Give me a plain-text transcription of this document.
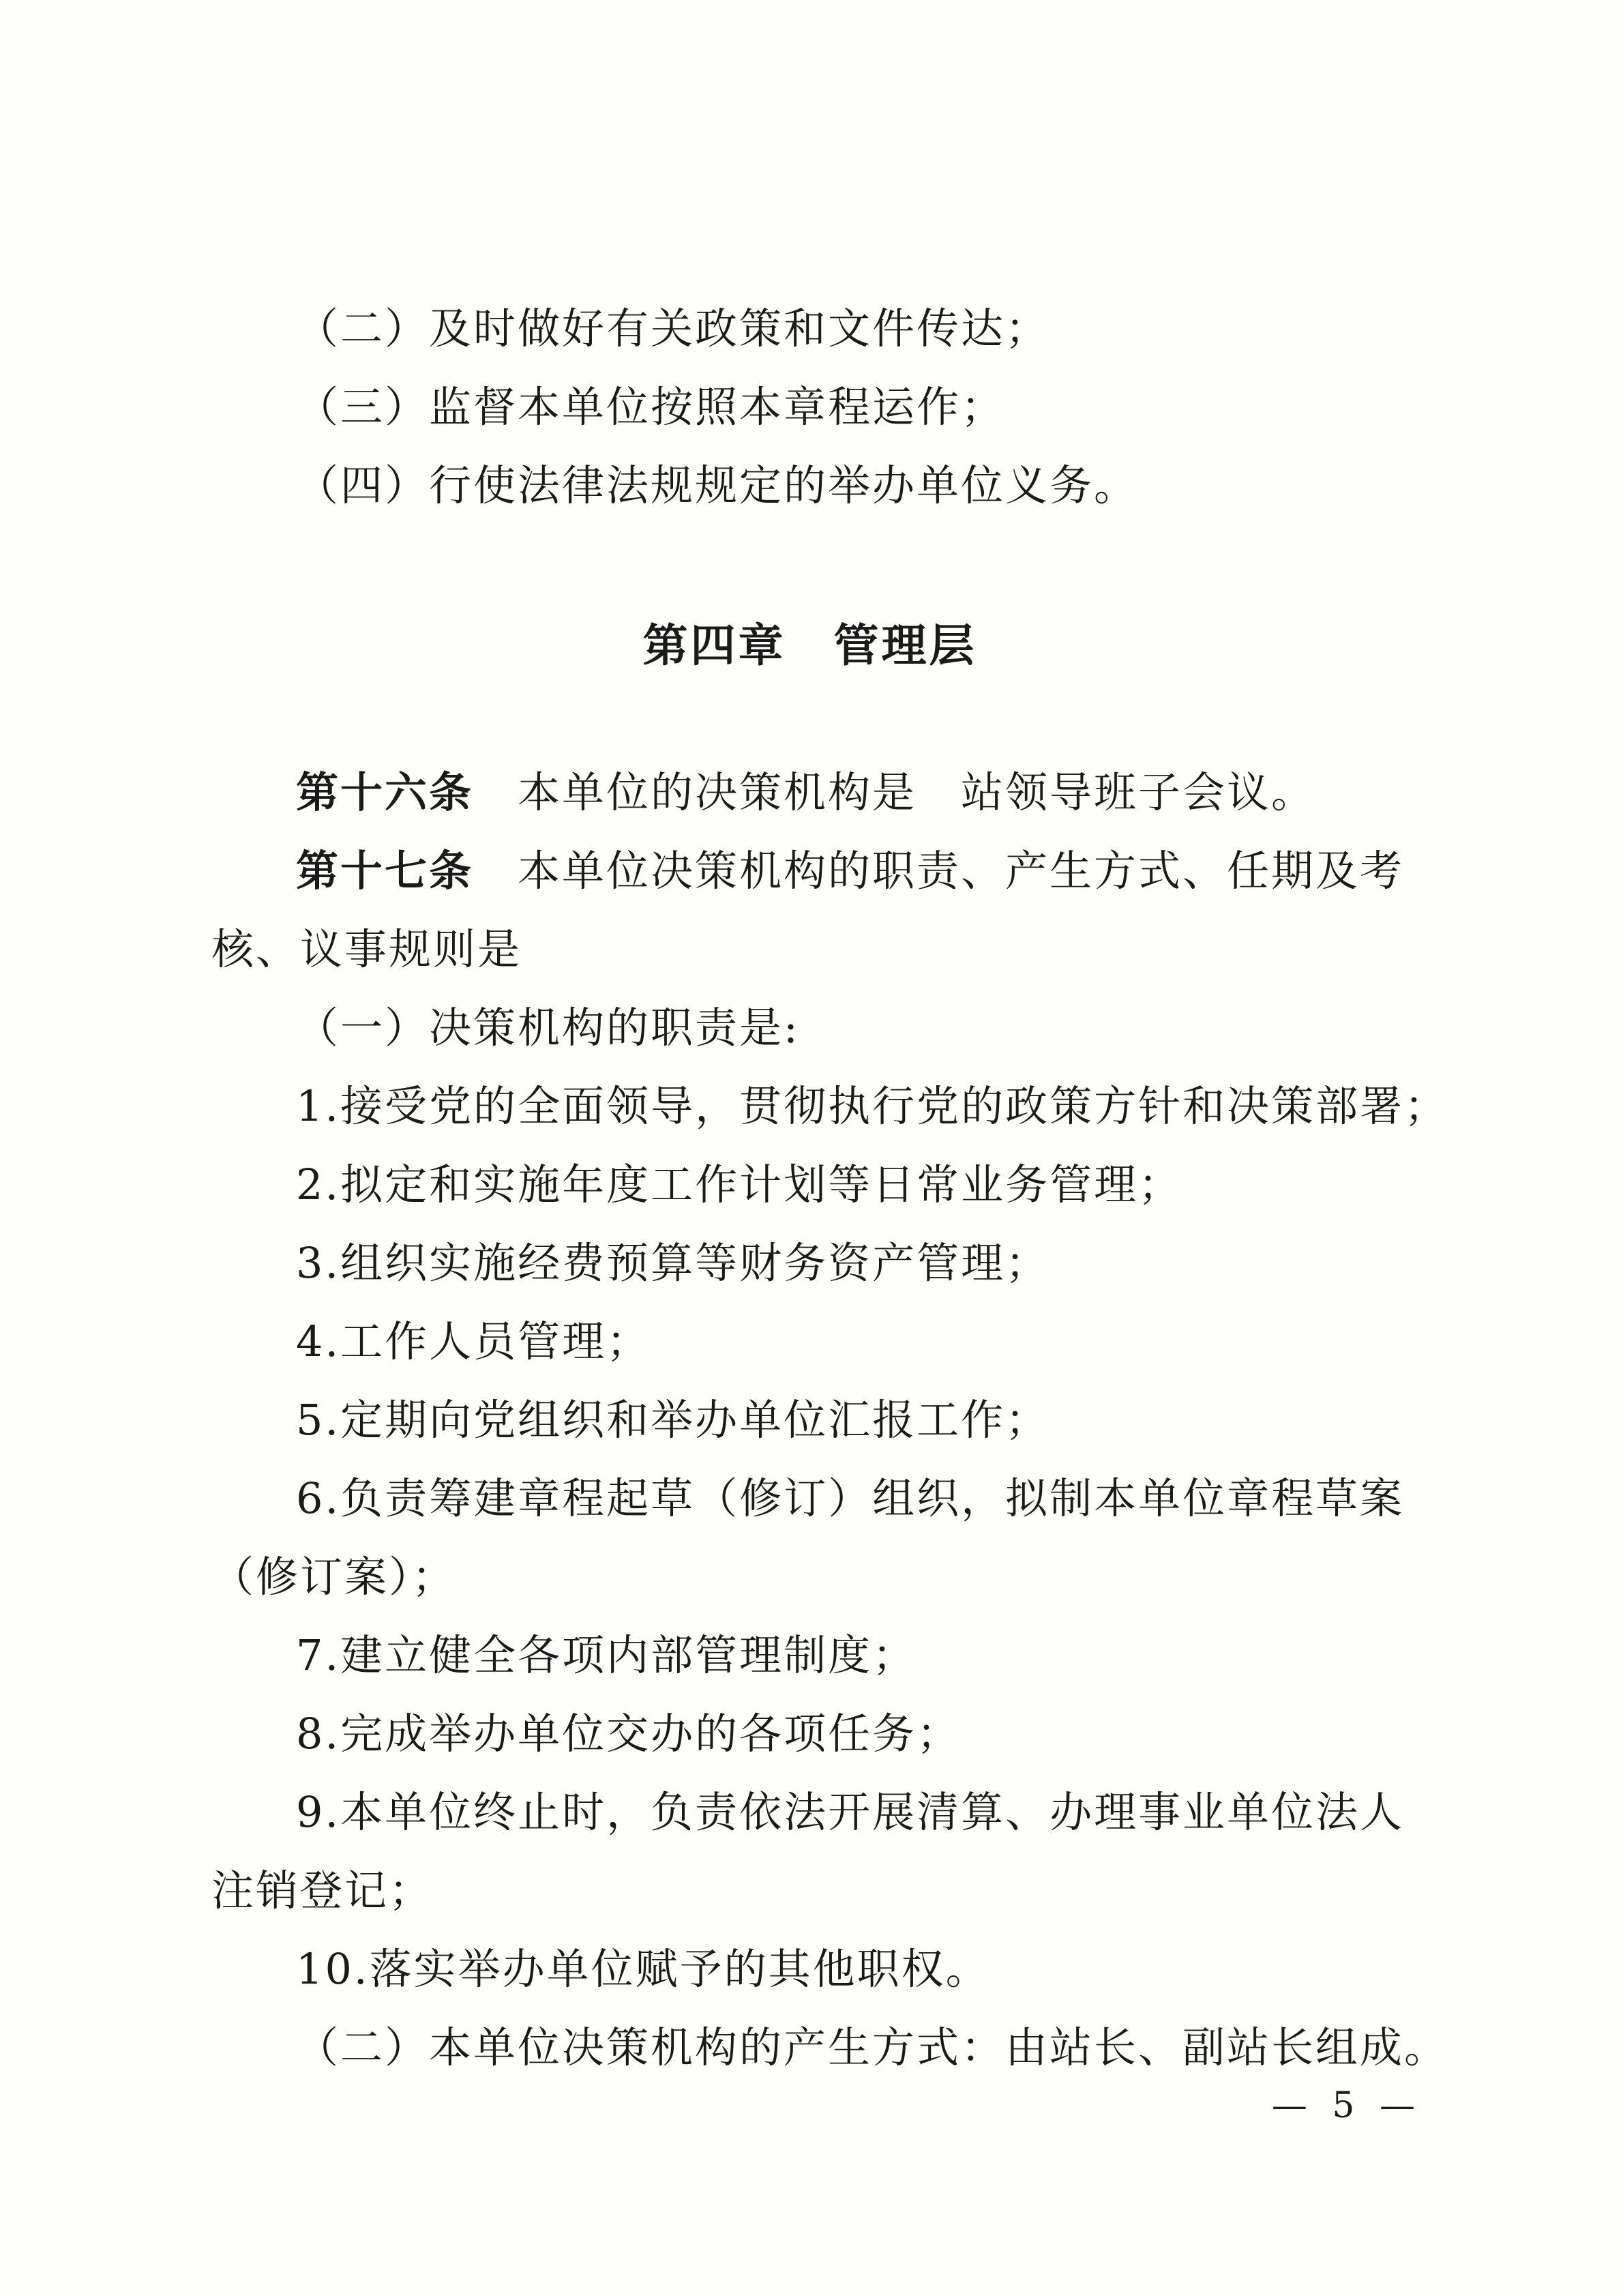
（二）及时做好有关政策和文件传达；

（三）监督本单位按照本章程运作；

（四）行使法律法规规定的举办单位义务。

第四章　管理层

第十六条　本单位的决策机构是　站领导班子会议。

第十七条　本单位决策机构的职责、产生方式、任期及考

核、议事规则是

（一）决策机构的职责是:

1.接受党的全面领导，贯彻执行党的政策方针和决策部署；

2.拟定和实施年度工作计划等日常业务管理；

3.组织实施经费预算等财务资产管理；

4.工作人员管理；

5.定期向党组织和举办单位汇报工作；

6.负责筹建章程起草（修订）组织，拟制本单位章程草案

（修订案）；

7.建立健全各项内部管理制度；

8.完成举办单位交办的各项任务；

9.本单位终止时，负责依法开展清算、办理事业单位法人

注销登记；

10.落实举办单位赋予的其他职权。

（二）本单位决策机构的产生方式：由站长、副站长组成。

— 5 —
